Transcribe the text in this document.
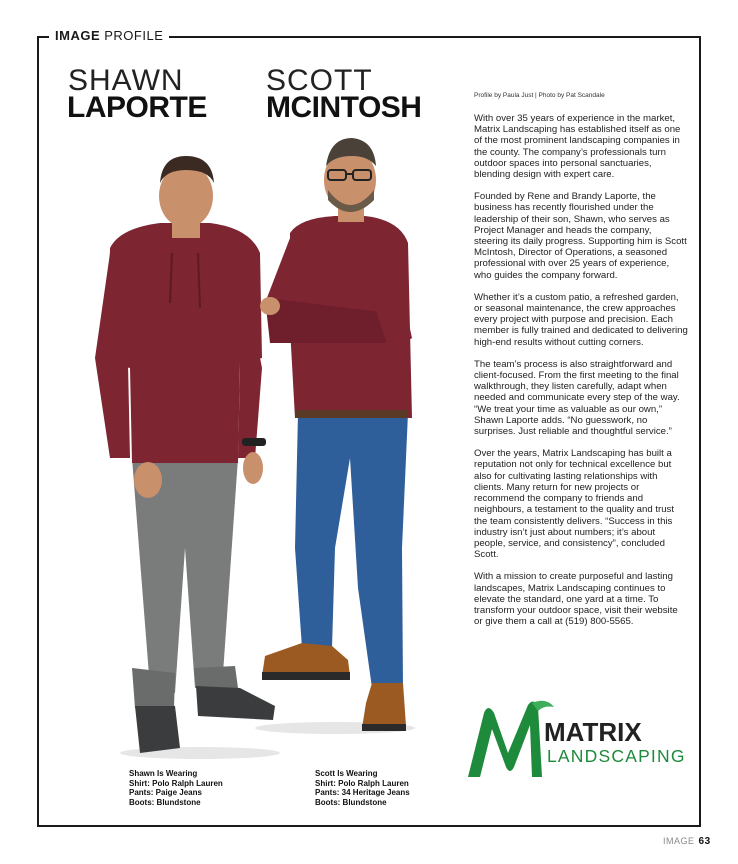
IMAGE PROFILE
SHAWN
LAPORTE
SCOTT
MCINTOSH	Profile by Paula Just | Photo by Pat Scandale

With over 35 years of experience in the market, Matrix Landscaping has established itself as one of the most prominent landscaping companies in the county. The company’s professionals turn outdoor spaces into personal sanctuaries, blending design with expert care.

Founded by Rene and Brandy Laporte, the business has recently flourished under the leadership of their son, Shawn, who serves as Project Manager and heads the company, steering its daily progress. Supporting him is Scott McIntosh, Director of Operations, a seasoned professional with over 25 years of experience, who guides the company forward.

Whether it’s a custom patio, a refreshed garden, or seasonal maintenance, the crew approaches every project with purpose and precision. Each member is fully trained and dedicated to delivering high-end results without cutting corners.

The team’s process is also straightforward and client-focused. From the first meeting to the final walkthrough, they listen carefully, adapt when needed and communicate every step of the way. “We treat your time as valuable as our own,” Shawn Laporte adds. “No guesswork, no surprises. Just reliable and thoughtful service.”

Over the years, Matrix Landscaping has built a reputation not only for technical excellence but also for cultivating lasting relationships with clients. Many return for new projects or recommend the company to friends and neighbours, a testament to the quality and trust the team consistently delivers. “Success in this industry isn’t just about numbers; it’s about people, service, and consistency”, concluded Scott.

With a mission to create purposeful and lasting landscapes, Matrix Landscaping continues to elevate the standard, one yard at a time. To transform your outdoor space, visit their website or give them a call at (519) 800-5565.

Shawn Is Wearing
Shirt: Polo Ralph Lauren
Pants: Paige Jeans
Boots: Blundstone
Scott Is Wearing
Shirt: Polo Ralph Lauren
Pants: 34 Heritage Jeans
Boots: Blundstone
MATRIX
LANDSCAPING
IMAGE 63
